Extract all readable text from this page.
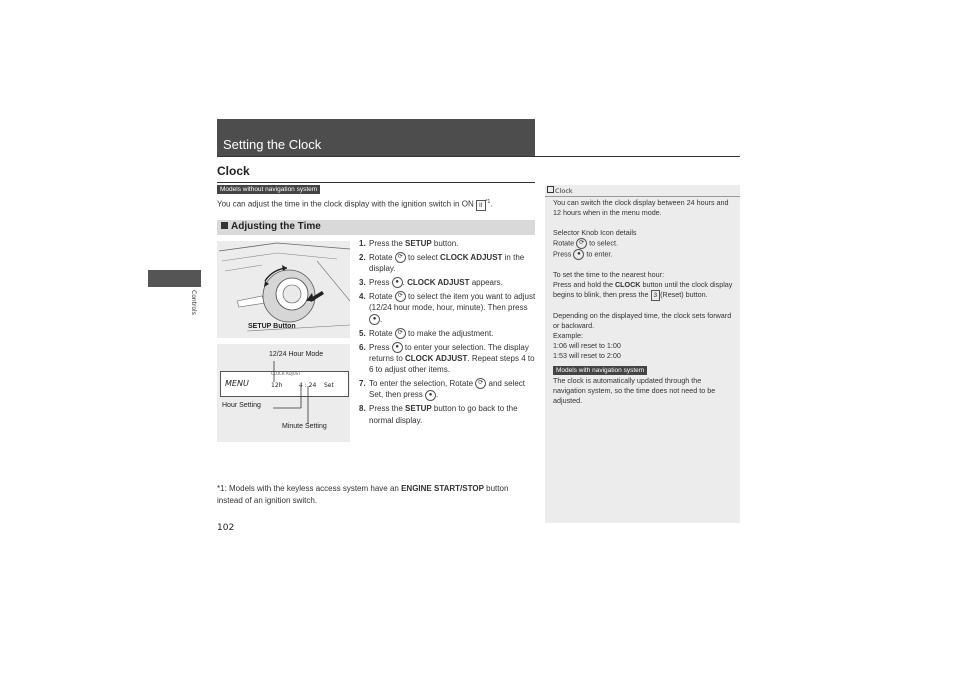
Setting the Clock
Controls
Clock
Models without navigation system
You can adjust the time in the clock display with the ignition switch in ON II $^{*1}$.
Adjusting the Time
SETUP Button
12/24 Hour Mode
CLOCK ADJUST
MENU	12h	4 : 24 Set
Hour Setting
Minute Setting
1. Press the SETUP button.
2. Rotate ⟳ to select CLOCK ADJUST in the display.
3. Press ● . CLOCK ADJUST appears.
4. Rotate ⟳ to select the item you want to adjust (12/24 hour mode, hour, minute). Then press ● .
5. Rotate ⟳ to make the adjustment.
6. Press ● to enter your selection. The display returns to CLOCK ADJUST. Repeat steps 4 to 6 to adjust other items.
7. To enter the selection, Rotate ⟳ and select Set, then press ● .
8. Press the SETUP button to go back to the normal display.
*1: Models with the keyless access system have an ENGINE START/STOP button instead of an ignition switch.
102
Clock
You can switch the clock display between 24 hours and 12 hours when in the menu mode.
Selector Knob Icon details
Rotate ⟳ to select.
Press ● to enter.
To set the time to the nearest hour:
Press and hold the CLOCK button until the clock display begins to blink, then press the 3 (Reset) button.
Depending on the displayed time, the clock sets forward or backward.
Example:
1:06 will reset to 1:00
1:53 will reset to 2:00
Models with navigation system
The clock is automatically updated through the navigation system, so the time does not need to be adjusted.
